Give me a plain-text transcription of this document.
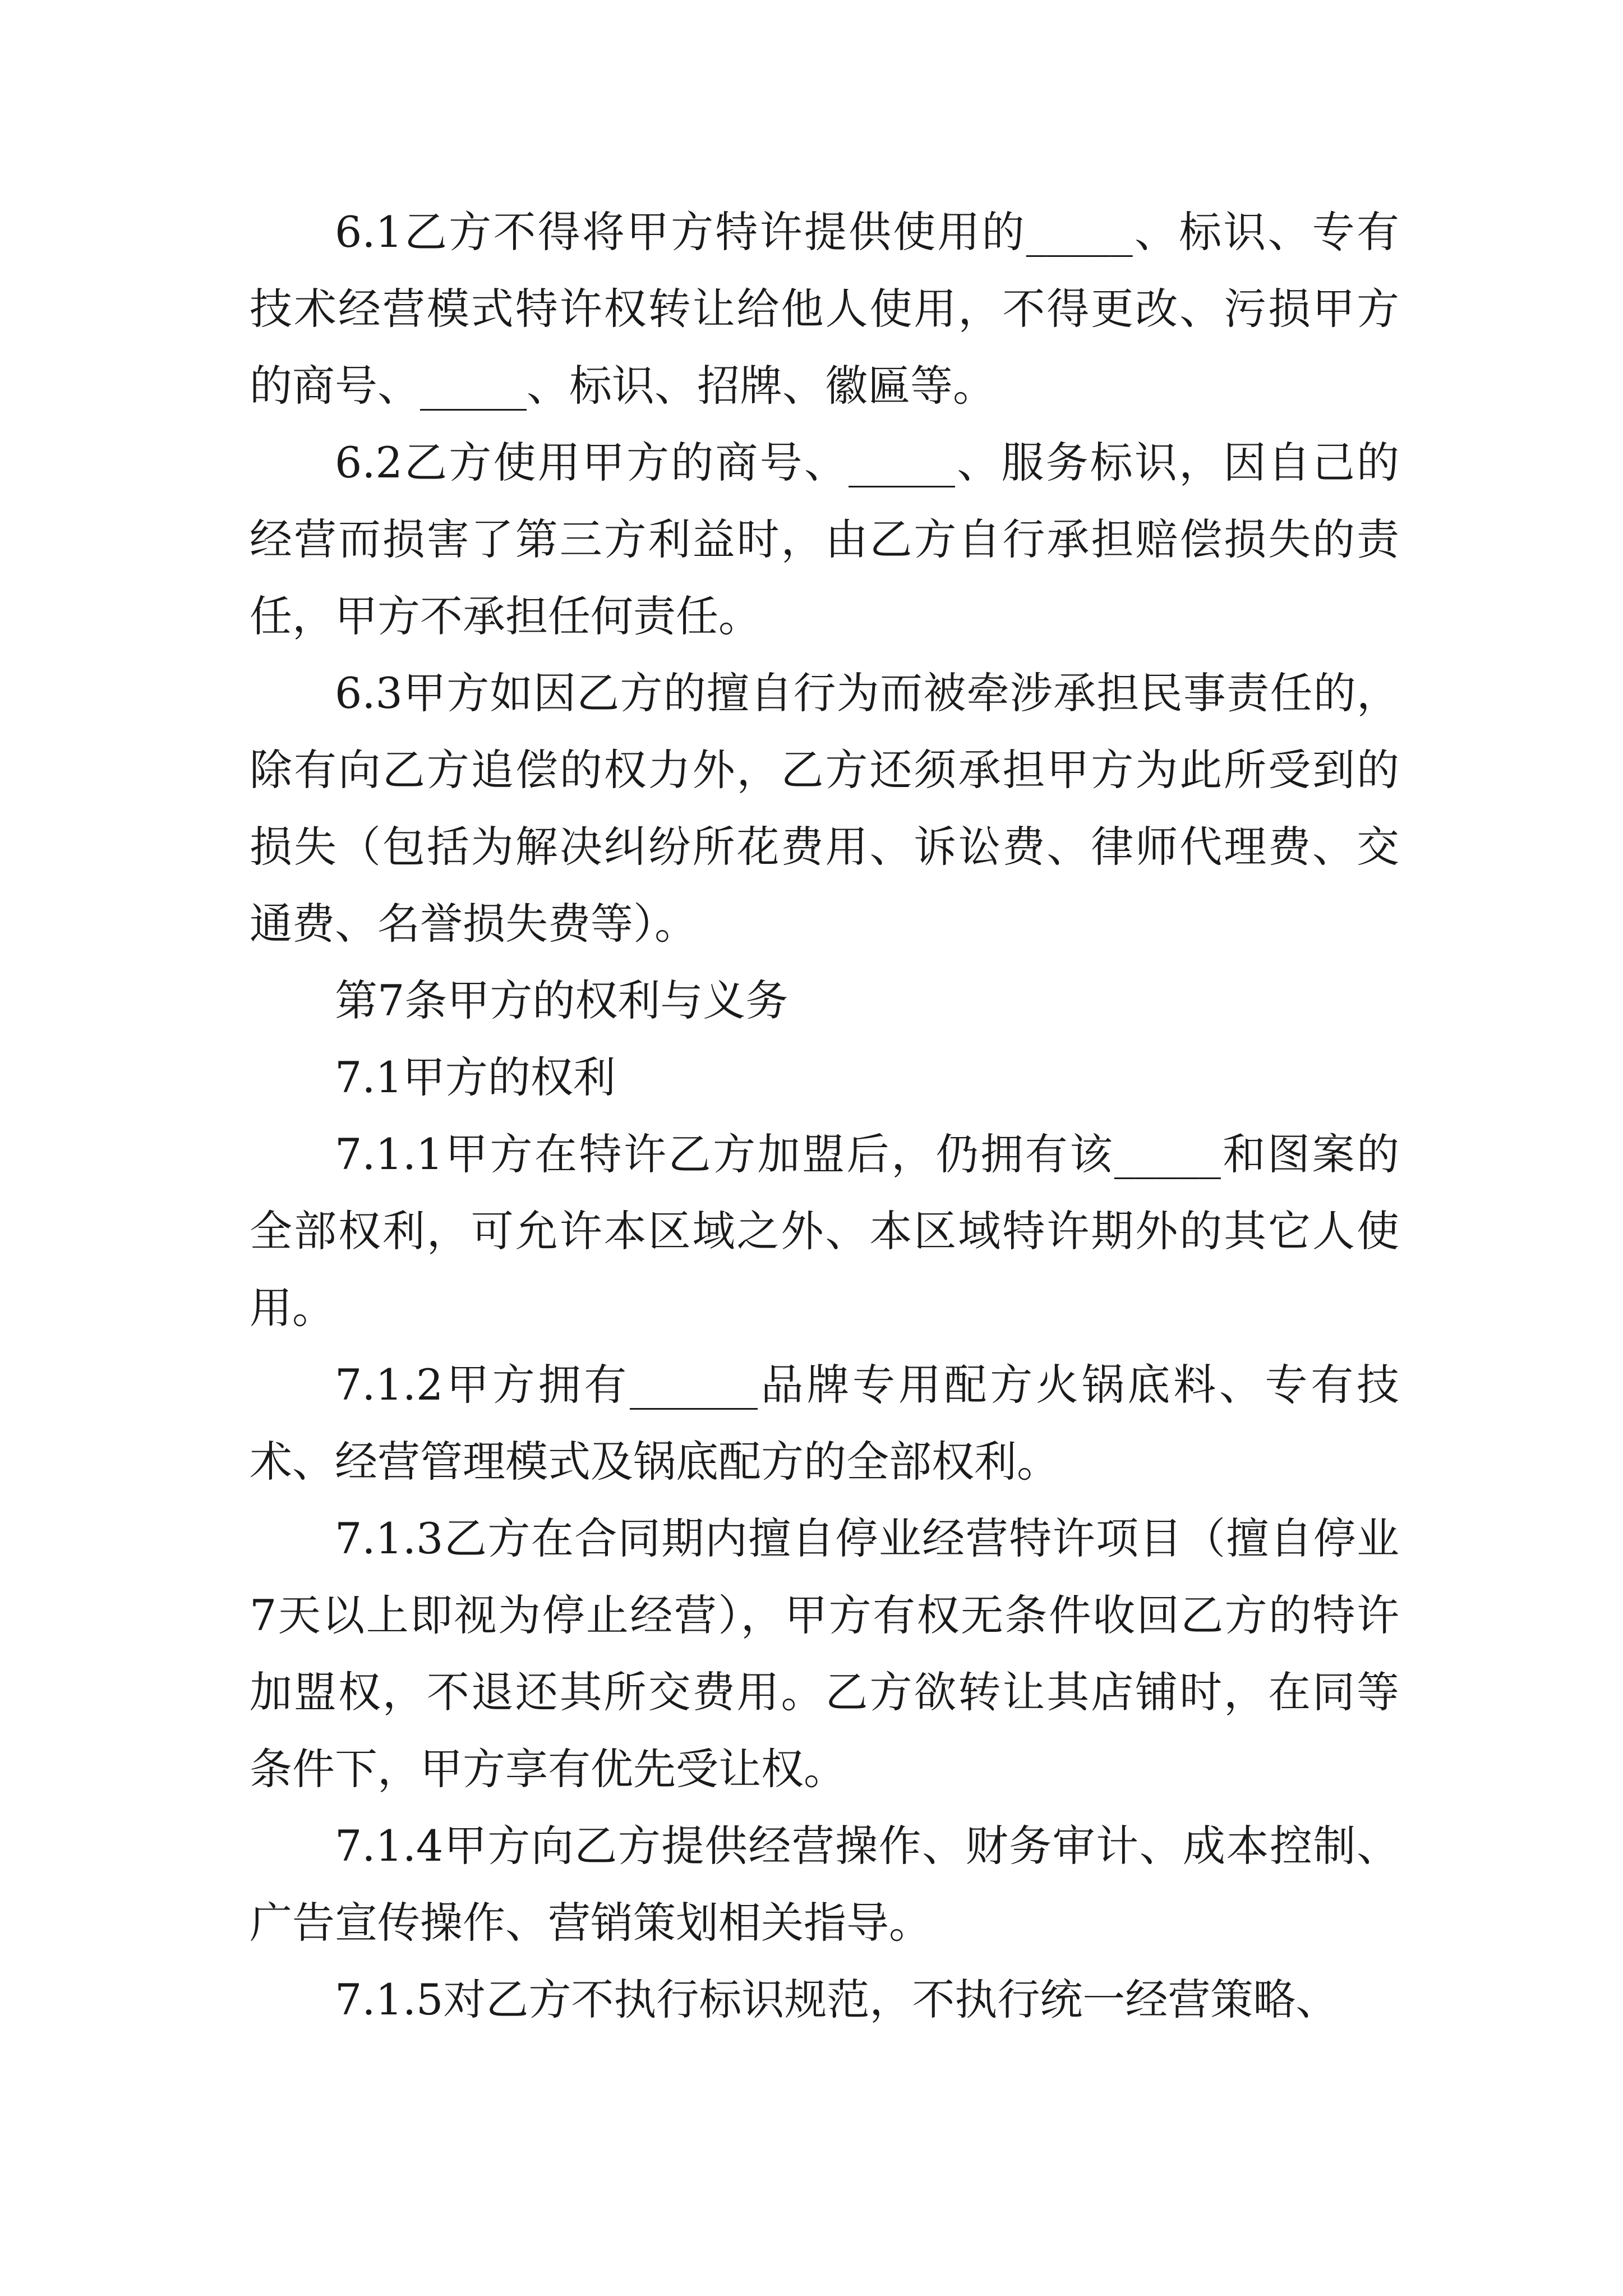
6.1乙方不得将甲方特许提供使用的_____、标识、专有技术经营模式特许权转让给他人使用，不得更改、污损甲方的商号、_____、标识、招牌、徽匾等。

6.2乙方使用甲方的商号、_____、服务标识，因自己的经营而损害了第三方利益时，由乙方自行承担赔偿损失的责任，甲方不承担任何责任。

6.3甲方如因乙方的擅自行为而被牵涉承担民事责任的，除有向乙方追偿的权力外，乙方还须承担甲方为此所受到的损失（包括为解决纠纷所花费用、诉讼费、律师代理费、交通费、名誉损失费等）。

第7条甲方的权利与义务

7.1甲方的权利

7.1.1甲方在特许乙方加盟后，仍拥有该_____和图案的全部权利，可允许本区域之外、本区域特许期外的其它人使用。

7.1.2甲方拥有______品牌专用配方火锅底料、专有技术、经营管理模式及锅底配方的全部权利。

7.1.3乙方在合同期内擅自停业经营特许项目（擅自停业7天以上即视为停止经营），甲方有权无条件收回乙方的特许加盟权，不退还其所交费用。乙方欲转让其店铺时，在同等条件下，甲方享有优先受让权。

7.1.4甲方向乙方提供经营操作、财务审计、成本控制、广告宣传操作、营销策划相关指导。

7.1.5对乙方不执行标识规范，不执行统一经营策略、
